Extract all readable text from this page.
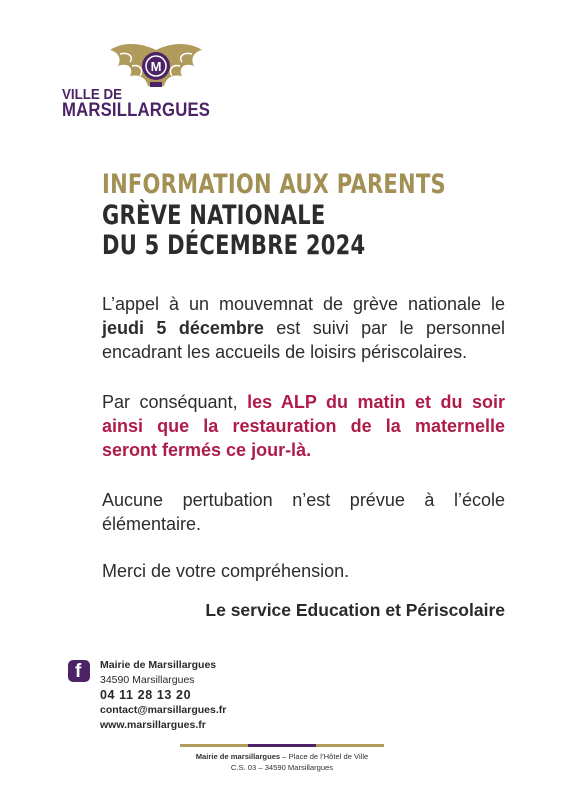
M
VILLE DE
MARSILLARGUES
INFORMATION AUX PARENTS
GRÈVE NATIONALE
DU 5 DÉCEMBRE 2024

L’appel à un mouvemnat de grève nationale le jeudi 5 décembre est suivi par le personnel encadrant les accueils de loisirs périscolaires.

Par conséquant, les ALP du matin et du soir ainsi que la restauration de la maternelle seront fermés ce jour-là.

Aucune pertubation n’est prévue à l’école élémentaire.

Merci de votre compréhension.

Le service Education et Périscolaire
f Mairie de Marsillargues
34590 Marsillargues
04 11 28 13 20
contact@marsillargues.fr
www.marsillargues.fr
Mairie de marsillargues – Place de l’Hôtel de Ville
C.S. 03 – 34590 Marsillargues
